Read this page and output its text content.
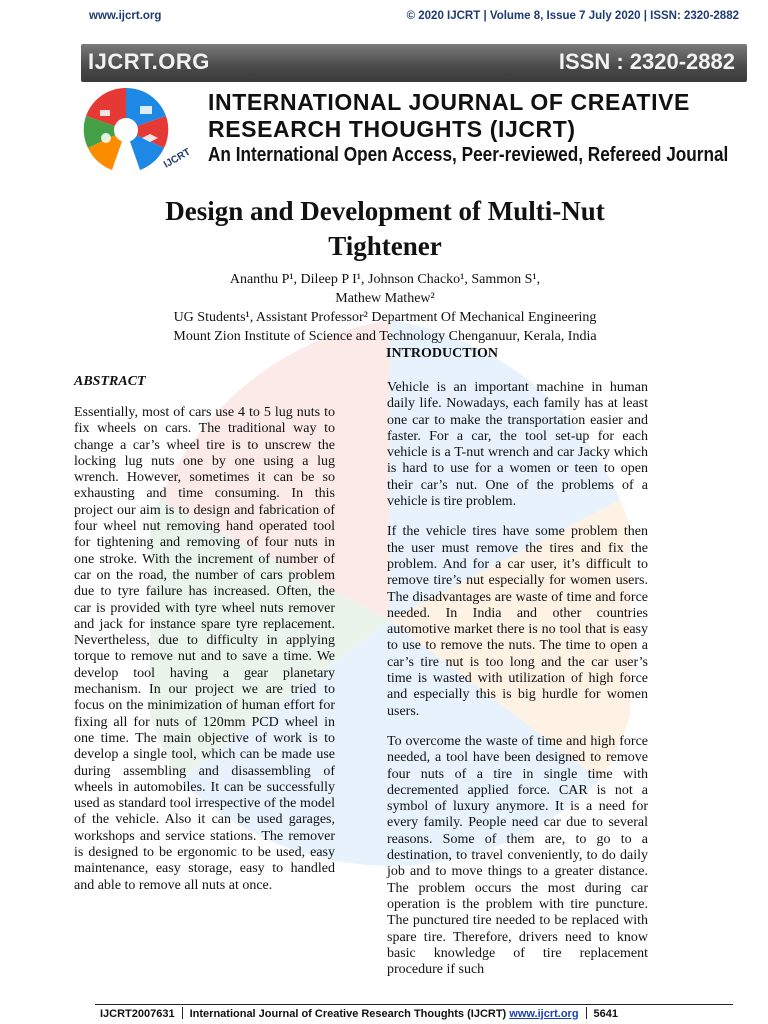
www.ijcrt.org	© 2020 IJCRT | Volume 8, Issue 7 July 2020 | ISSN: 2320-2882
IJCRT.ORG	ISSN : 2320-2882
IJCRT
INTERNATIONAL JOURNAL OF CREATIVE
RESEARCH THOUGHTS (IJCRT)
An International Open Access, Peer-reviewed, Refereed Journal
Design and Development of Multi-Nut
Tightener
Ananthu P¹, Dileep P I¹, Johnson Chacko¹, Sammon S¹,
Mathew Mathew²
UG Students¹, Assistant Professor² Department Of Mechanical Engineering
Mount Zion Institute of Science and Technology Chenganuur, Kerala, India
INTRODUCTION
ABSTRACT

Essentially, most of cars use 4 to 5 lug nuts to fix wheels on cars. The traditional way to change a car’s wheel tire is to unscrew the locking lug nuts one by one using a lug wrench. However, sometimes it can be so exhausting and time consuming. In this project our aim is to design and fabrication of four wheel nut removing hand operated tool for tightening and removing of four nuts in one stroke. With the increment of number of car on the road, the number of cars problem due to tyre failure has increased. Often, the car is provided with tyre wheel nuts remover and jack for instance spare tyre replacement. Nevertheless, due to difficulty in applying torque to remove nut and to save a time. We develop tool having a gear planetary mechanism. In our project we are tried to focus on the minimization of human effort for fixing all for nuts of 120mm PCD wheel in one time. The main objective of work is to develop a single tool, which can be made use during assembling and disassembling of wheels in automobiles. It can be successfully used as standard tool irrespective of the model of the vehicle. Also it can be used garages, workshops and service stations. The remover is designed to be ergonomic to be used, easy maintenance, easy storage, easy to handled and able to remove all nuts at once.

Vehicle is an important machine in human daily life. Nowadays, each family has at least one car to make the transportation easier and faster. For a car, the tool set-up for each vehicle is a T-nut wrench and car Jacky which is hard to use for a women or teen to open their car’s nut. One of the problems of a vehicle is tire problem.

If the vehicle tires have some problem then the user must remove the tires and fix the problem. And for a car user, it’s difficult to remove tire’s nut especially for women users. The disadvantages are waste of time and force needed. In India and other countries automotive market there is no tool that is easy to use to remove the nuts. The time to open a car’s tire nut is too long and the car user’s time is wasted with utilization of high force and especially this is big hurdle for women users.

To overcome the waste of time and high force needed, a tool have been designed to remove four nuts of a tire in single time with decremented applied force. CAR is not a symbol of luxury anymore. It is a need for every family. People need car due to several reasons. Some of them are, to go to a destination, to travel conveniently, to do daily job and to move things to a greater distance. The problem occurs the most during car operation is the problem with tire puncture. The punctured tire needed to be replaced with spare tire. Therefore, drivers need to know basic knowledge of tire replacement procedure if such

IJCRT2007631 International Journal of Creative Research Thoughts (IJCRT) www.ijcrt.org 5641
